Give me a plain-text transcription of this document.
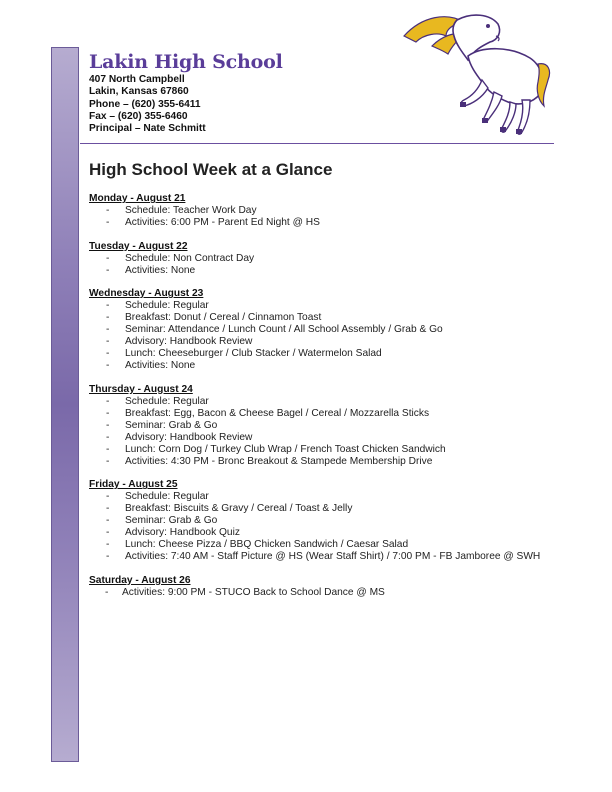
Lakin High School
407 North Campbell
Lakin, Kansas 67860
Phone – (620) 355-6411
Fax – (620) 355-6460
Principal – Nate Schmitt
High School Week at a Glance
Monday - August 21
- Schedule: Teacher Work Day
- Activities: 6:00 PM - Parent Ed Night @ HS
Tuesday - August 22
- Schedule: Non Contract Day
- Activities: None
Wednesday - August 23
- Schedule: Regular
- Breakfast: Donut / Cereal / Cinnamon Toast
- Seminar: Attendance / Lunch Count / All School Assembly / Grab & Go
- Advisory: Handbook Review
- Lunch: Cheeseburger / Club Stacker / Watermelon Salad
- Activities: None
Thursday - August 24
- Schedule: Regular
- Breakfast: Egg, Bacon & Cheese Bagel / Cereal / Mozzarella Sticks
- Seminar: Grab & Go
- Advisory: Handbook Review
- Lunch: Corn Dog / Turkey Club Wrap / French Toast Chicken Sandwich
- Activities: 4:30 PM - Bronc Breakout & Stampede Membership Drive
Friday - August 25
- Schedule: Regular
- Breakfast: Biscuits & Gravy / Cereal / Toast & Jelly
- Seminar: Grab & Go
- Advisory: Handbook Quiz
- Lunch: Cheese Pizza / BBQ Chicken Sandwich / Caesar Salad
- Activities: 7:40 AM - Staff Picture @ HS (Wear Staff Shirt) / 7:00 PM - FB Jamboree @ SWH
Saturday - August 26
- Activities: 9:00 PM - STUCO Back to School Dance @ MS
